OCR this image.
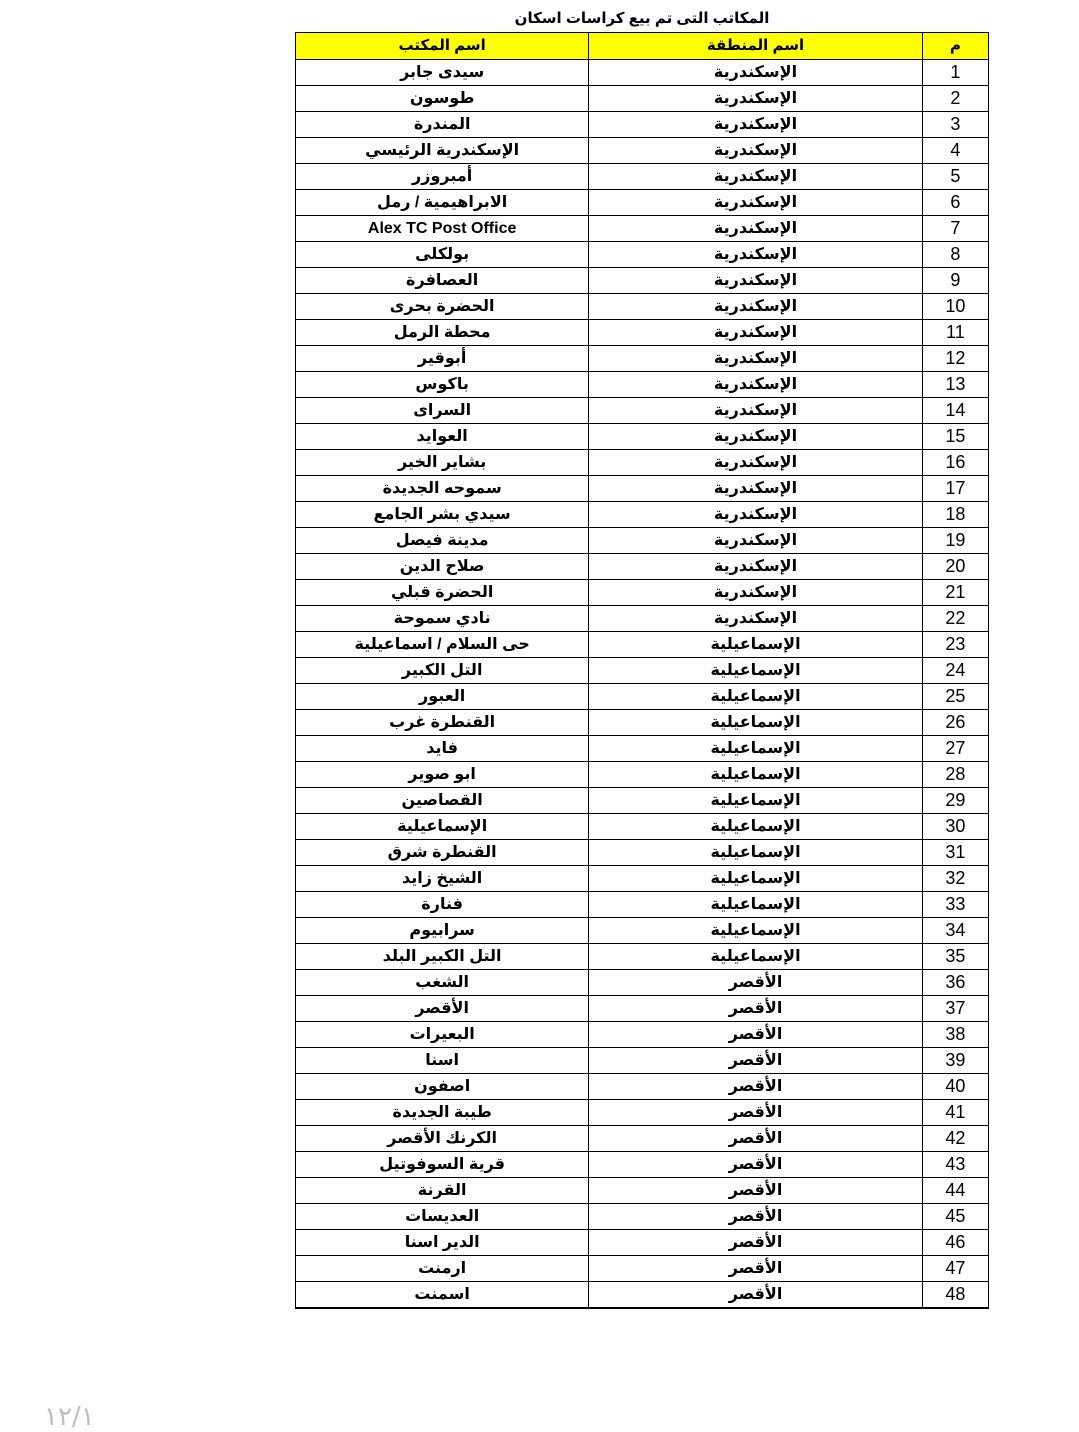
المكاتب التى تم بيع كراسات اسكان
م	اسم المنطقة	اسم المكتب
1	الإسكندرية	سيدى جابر
2	الإسكندرية	طوسون
3	الإسكندرية	المندرة
4	الإسكندرية	الإسكندرية الرئيسي
5	الإسكندرية	أمبروزر
6	الإسكندرية	الابراهيمية / رمل
7	الإسكندرية	Alex TC Post Office
8	الإسكندرية	بولكلى
9	الإسكندرية	العصافرة
10	الإسكندرية	الحضرة بحرى
11	الإسكندرية	محطة الرمل
12	الإسكندرية	أبوقير
13	الإسكندرية	باكوس
14	الإسكندرية	السراى
15	الإسكندرية	العوايد
16	الإسكندرية	بشاير الخير
17	الإسكندرية	سموحه الجديدة
18	الإسكندرية	سيدي بشر الجامع
19	الإسكندرية	مدينة فيصل
20	الإسكندرية	صلاح الدين
21	الإسكندرية	الحضرة قبلي
22	الإسكندرية	نادي سموحة
23	الإسماعيلية	حى السلام / اسماعيلية
24	الإسماعيلية	التل الكبير
25	الإسماعيلية	العبور
26	الإسماعيلية	القنطرة غرب
27	الإسماعيلية	فايد
28	الإسماعيلية	ابو صوير
29	الإسماعيلية	القصاصين
30	الإسماعيلية	الإسماعيلية
31	الإسماعيلية	القنطرة شرق
32	الإسماعيلية	الشيخ زايد
33	الإسماعيلية	فنارة
34	الإسماعيلية	سرابيوم
35	الإسماعيلية	التل الكبير البلد
36	الأقصر	الشغب
37	الأقصر	الأقصر
38	الأقصر	البعيرات
39	الأقصر	اسنا
40	الأقصر	اصفون
41	الأقصر	طيبة الجديدة
42	الأقصر	الكرنك الأقصر
43	الأقصر	قرية السوفوتيل
44	الأقصر	القرنة
45	الأقصر	العديسات
46	الأقصر	الدير اسنا
47	الأقصر	ارمنت
48	الأقصر	اسمنت
١٢/١
